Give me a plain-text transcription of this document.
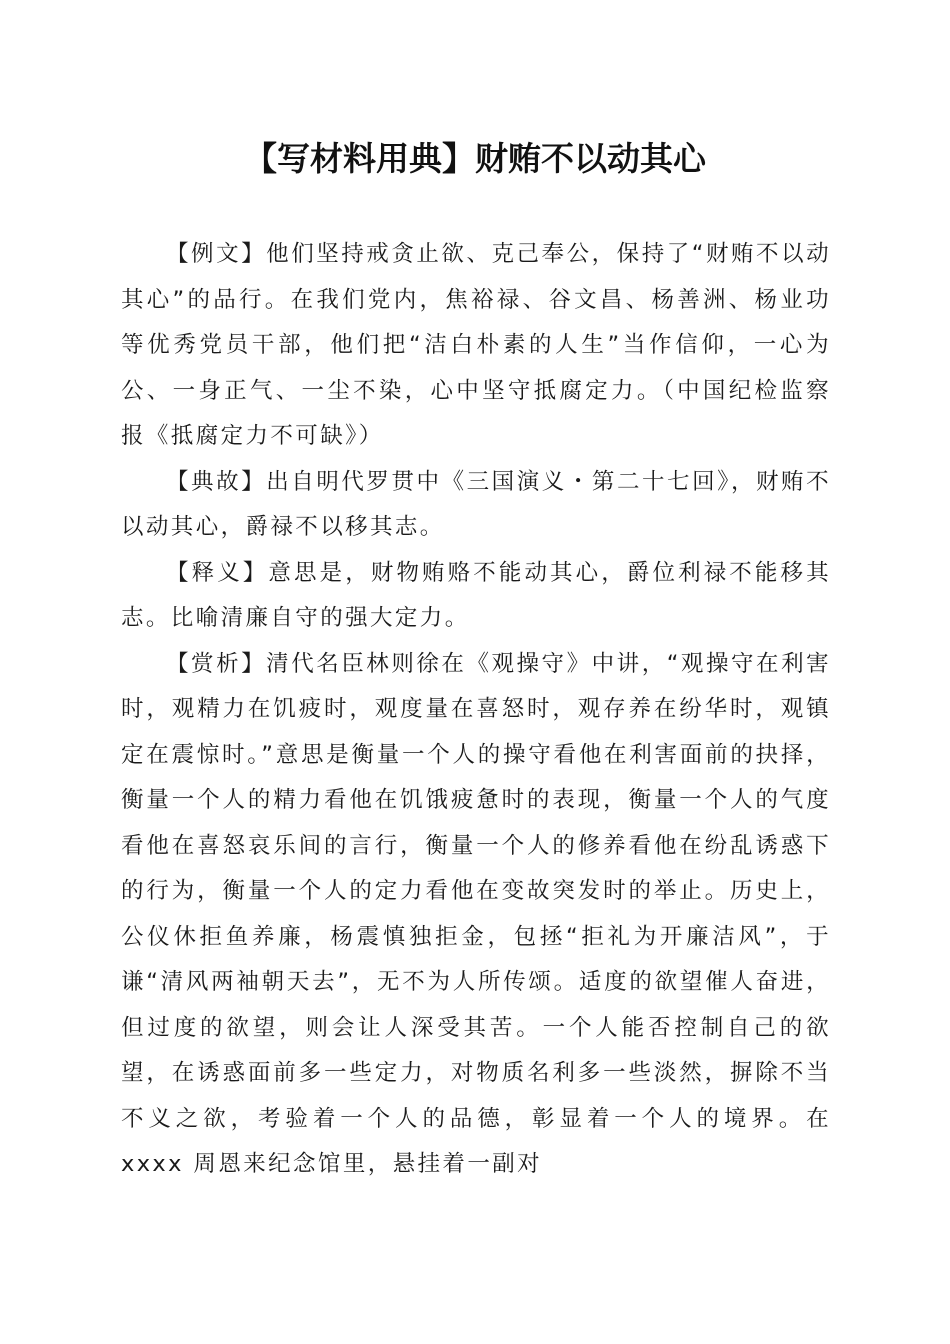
【写材料用典】财贿不以动其心

【例文】他们坚持戒贪止欲、克己奉公，保持了“财贿不以动其心”的品行。在我们党内，焦裕禄、谷文昌、杨善洲、杨业功等优秀党员干部，他们把“洁白朴素的人生”当作信仰，一心为公、一身正气、一尘不染，心中坚守抵腐定力。（中国纪检监察报《抵腐定力不可缺》）

【典故】出自明代罗贯中《三国演义・第二十七回》，财贿不以动其心，爵禄不以移其志。

【释义】意思是，财物贿赂不能动其心，爵位利禄不能移其志。比喻清廉自守的强大定力。

【赏析】清代名臣林则徐在《观操守》中讲，“观操守在利害时，观精力在饥疲时，观度量在喜怒时，观存养在纷华时，观镇定在震惊时。”意思是衡量一个人的操守看他在利害面前的抉择，衡量一个人的精力看他在饥饿疲惫时的表现，衡量一个人的气度看他在喜怒哀乐间的言行，衡量一个人的修养看他在纷乱诱惑下的行为，衡量一个人的定力看他在变故突发时的举止。历史上，公仪休拒鱼养廉，杨震慎独拒金，包拯“拒礼为开廉洁风”，于谦“清风两袖朝天去”，无不为人所传颂。适度的欲望催人奋进，但过度的欲望，则会让人深受其苦。一个人能否控制自己的欲望，在诱惑面前多一些定力，对物质名利多一些淡然，摒除不当不义之欲，考验着一个人的品德，彰显着一个人的境界。在 xxxx 周恩来纪念馆里，悬挂着一副对
